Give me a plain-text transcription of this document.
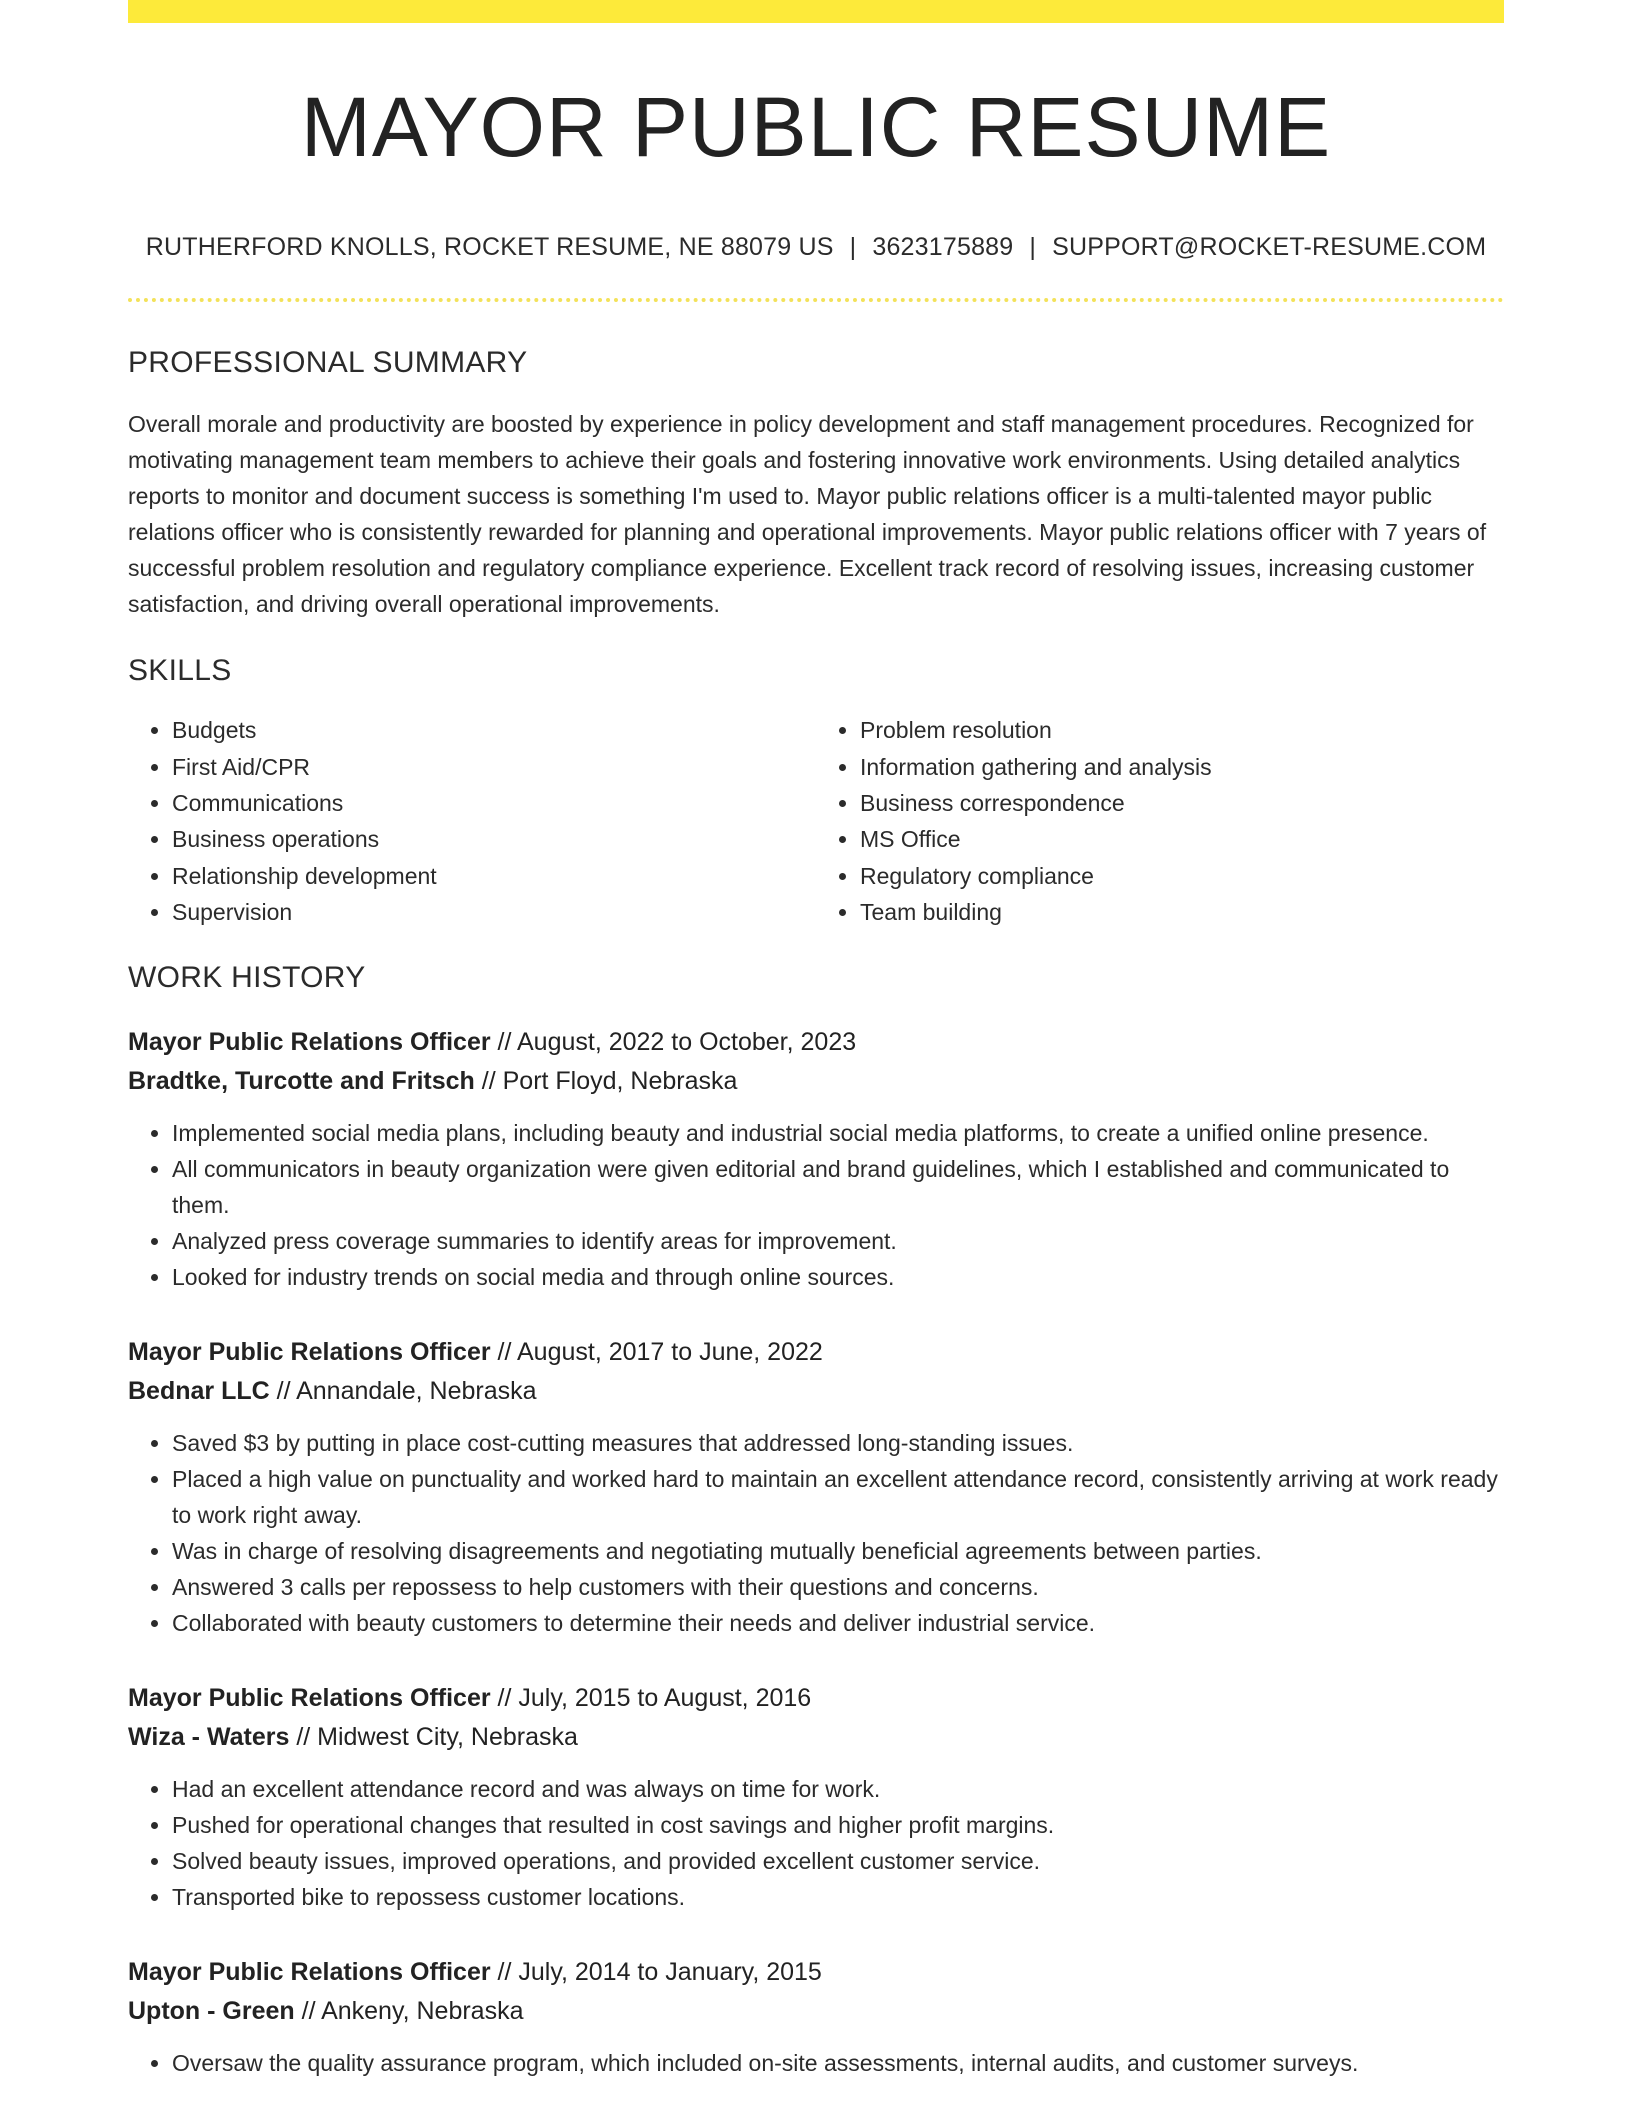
MAYOR PUBLIC RESUME
RUTHERFORD KNOLLS, ROCKET RESUME, NE 88079 US | 3623175889 | SUPPORT@ROCKET-RESUME.COM
PROFESSIONAL SUMMARY
Overall morale and productivity are boosted by experience in policy development and staff management procedures. Recognized for motivating management team members to achieve their goals and fostering innovative work environments. Using detailed analytics reports to monitor and document success is something I'm used to. Mayor public relations officer is a multi-talented mayor public relations officer who is consistently rewarded for planning and operational improvements. Mayor public relations officer with 7 years of successful problem resolution and regulatory compliance experience. Excellent track record of resolving issues, increasing customer satisfaction, and driving overall operational improvements.
SKILLS
• Budgets
• First Aid/CPR
• Communications
• Business operations
• Relationship development
• Supervision
• Problem resolution
• Information gathering and analysis
• Business correspondence
• MS Office
• Regulatory compliance
• Team building
WORK HISTORY
Mayor Public Relations Officer // August, 2022 to October, 2023
Bradtke, Turcotte and Fritsch // Port Floyd, Nebraska
• Implemented social media plans, including beauty and industrial social media platforms, to create a unified online presence.
• All communicators in beauty organization were given editorial and brand guidelines, which I established and communicated to them.
• Analyzed press coverage summaries to identify areas for improvement.
• Looked for industry trends on social media and through online sources.
Mayor Public Relations Officer // August, 2017 to June, 2022
Bednar LLC // Annandale, Nebraska
• Saved $3 by putting in place cost-cutting measures that addressed long-standing issues.
• Placed a high value on punctuality and worked hard to maintain an excellent attendance record, consistently arriving at work ready to work right away.
• Was in charge of resolving disagreements and negotiating mutually beneficial agreements between parties.
• Answered 3 calls per repossess to help customers with their questions and concerns.
• Collaborated with beauty customers to determine their needs and deliver industrial service.
Mayor Public Relations Officer // July, 2015 to August, 2016
Wiza - Waters // Midwest City, Nebraska
• Had an excellent attendance record and was always on time for work.
• Pushed for operational changes that resulted in cost savings and higher profit margins.
• Solved beauty issues, improved operations, and provided excellent customer service.
• Transported bike to repossess customer locations.
Mayor Public Relations Officer // July, 2014 to January, 2015
Upton - Green // Ankeny, Nebraska
• Oversaw the quality assurance program, which included on-site assessments, internal audits, and customer surveys.
